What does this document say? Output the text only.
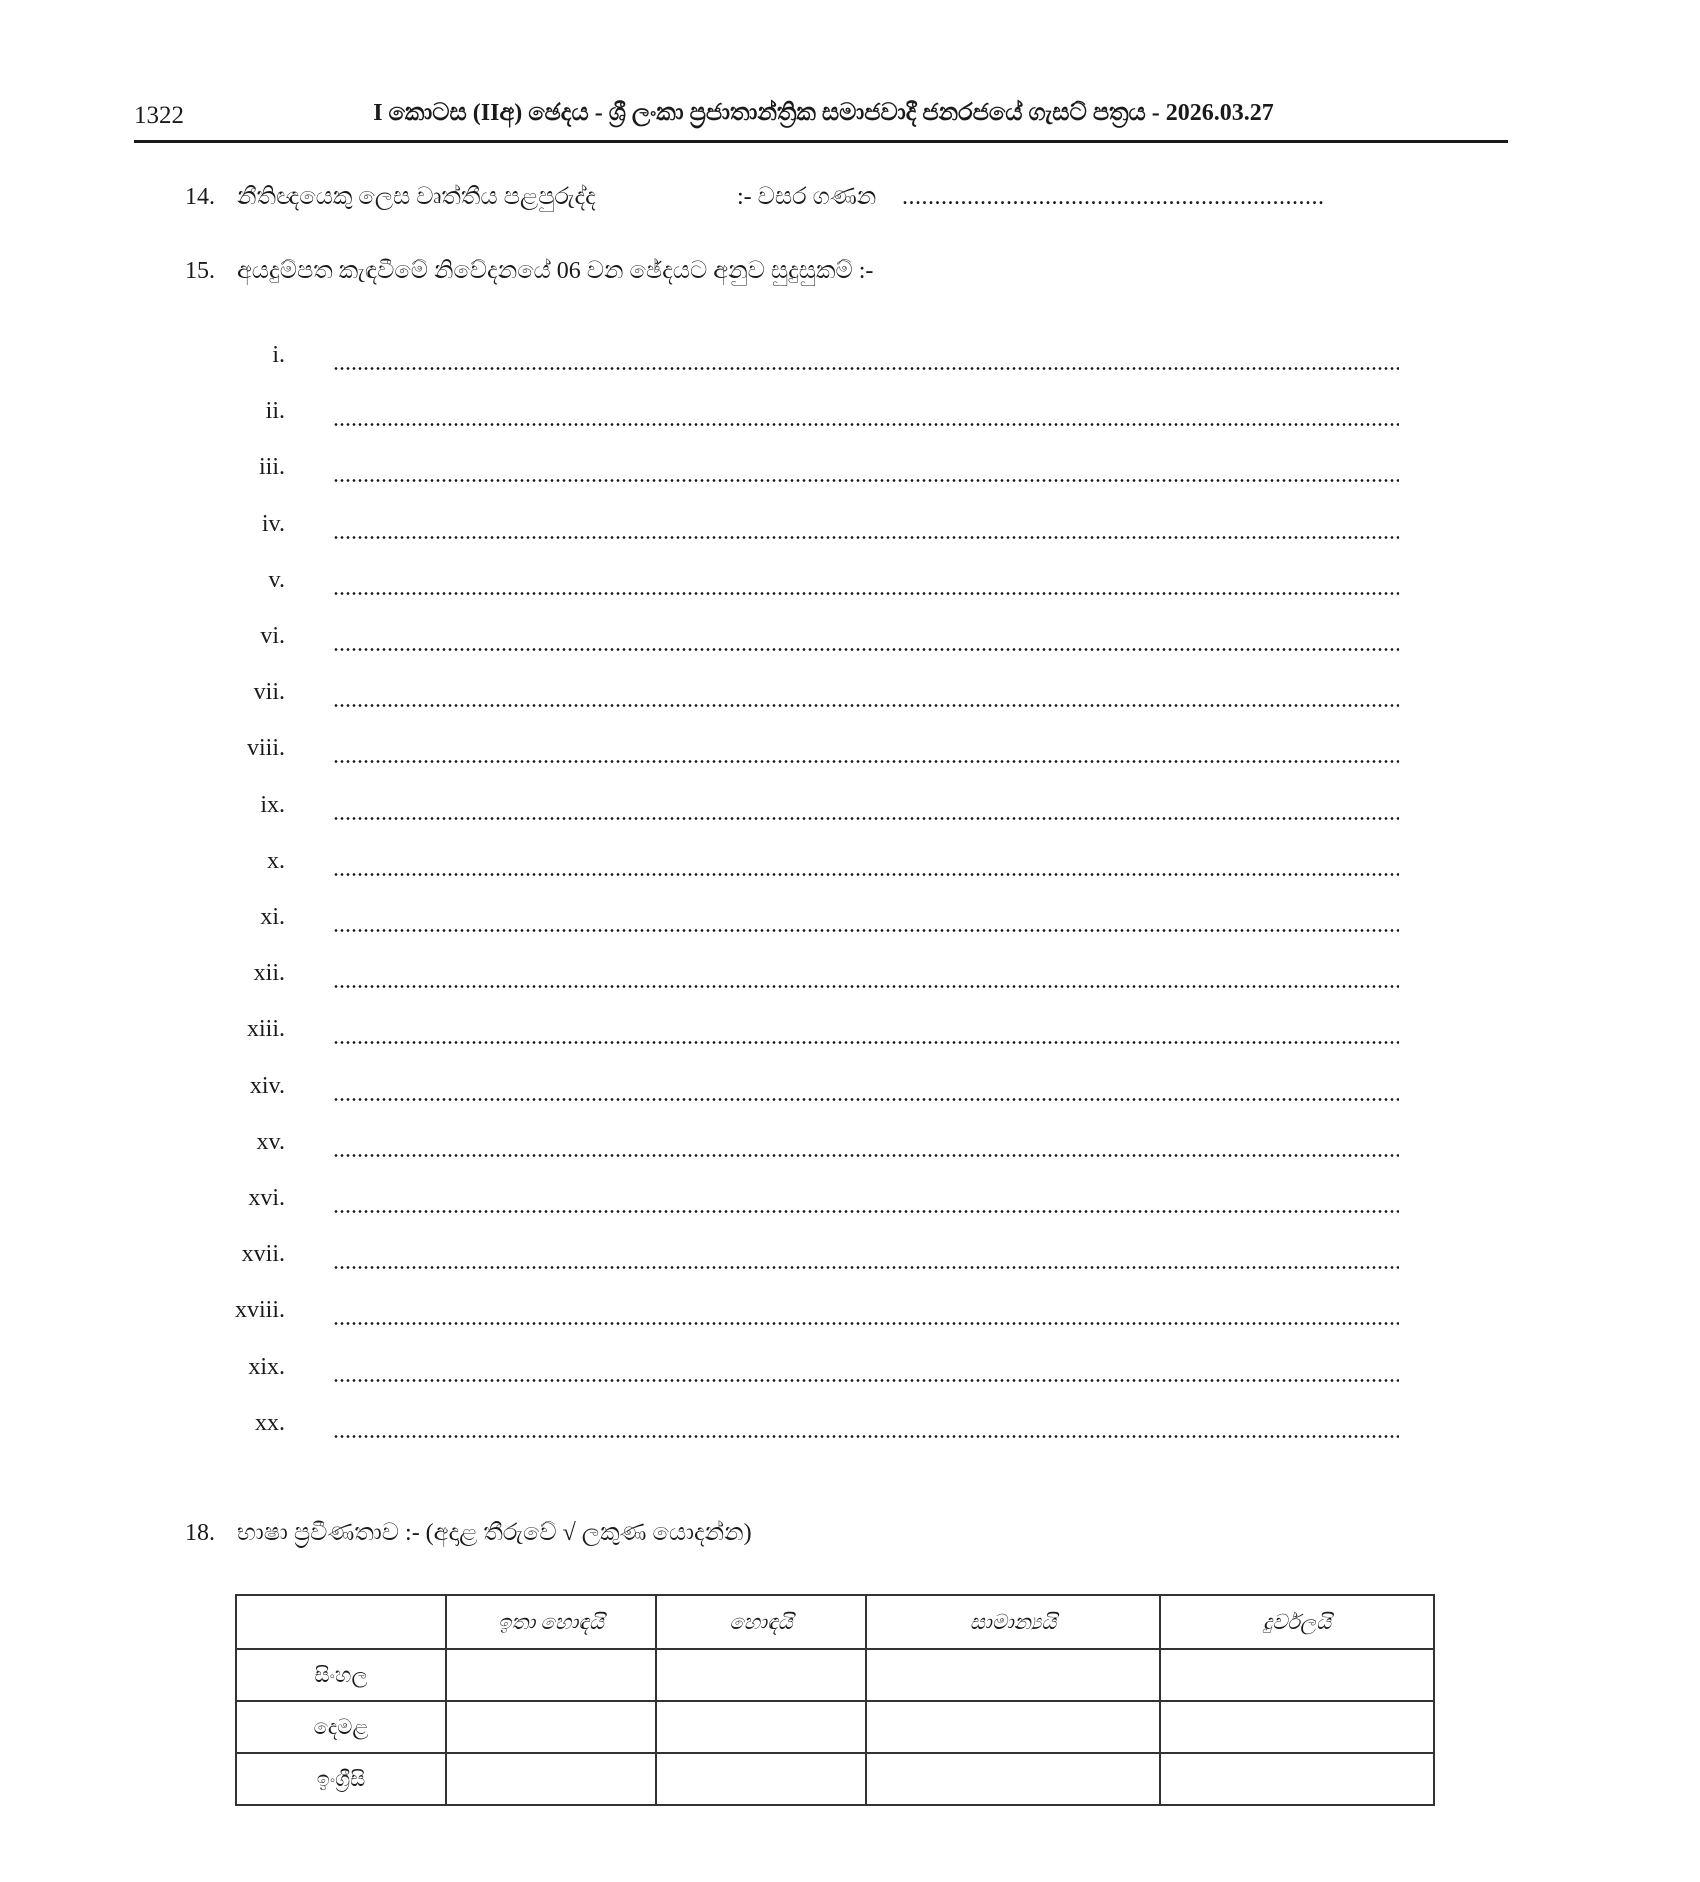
1322	I කොටස (IIඅ) ඡෙදය - ශ්‍රී ලංකා ප්‍රජාතාන්ත්‍රික සමාජවාදී ජනරජයේ ගැසට් පත්‍රය - 2026.03.27
14. නීතිඥයෙකු ලෙස වෘත්තීය පළපුරුද්ද	:- වසර ගණන .................................................................
15. අයදුම්පත කැඳවීමේ නිවේදනයේ 06 වන ඡේදයට අනුව සුදුසුකම් :-
i.
ii.
iii.
iv.
v.
vi.
vii.
viii.
ix.
x.
xi.
xii.
xiii.
xiv.
xv.
xvi.
xvii.
xviii.
xix.
xx.
18. භාෂා ප්‍රවීණතාව :- (අදාළ තීරුවේ √ ලකුණ යොදන්න)
	ඉතා හොඳයි	හොඳයි	සාමාන්‍යයි	දුර්වලයි
සිංහල				
දෙමළ				
ඉංග්‍රීසි				
